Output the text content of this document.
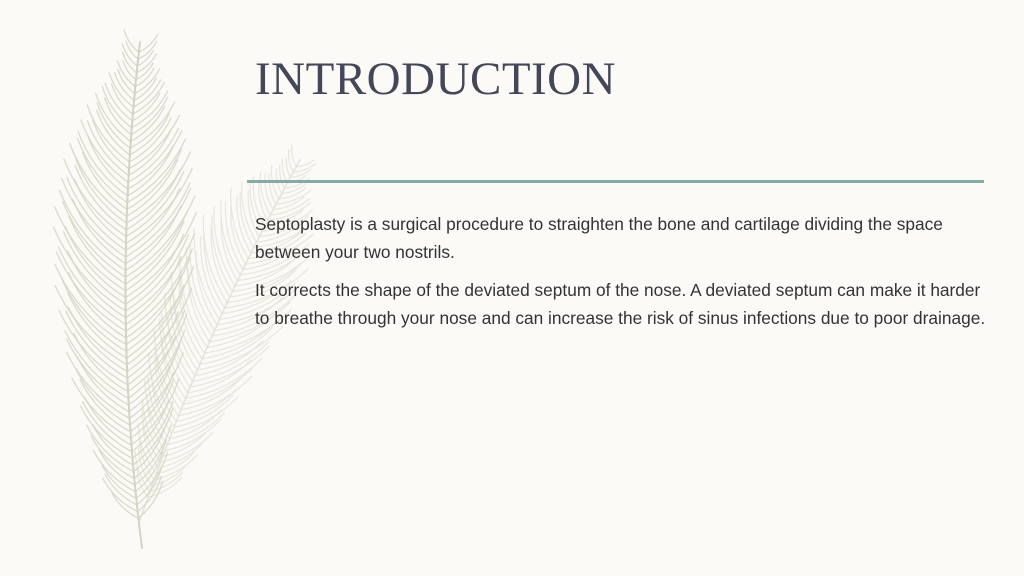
INTRODUCTION

Septoplasty is a surgical procedure to straighten the bone and cartilage dividing the space between your two nostrils.

It corrects the shape of the deviated septum of the nose. A deviated septum can make it harder to breathe through your nose and can increase the risk of sinus infections due to poor drainage.
